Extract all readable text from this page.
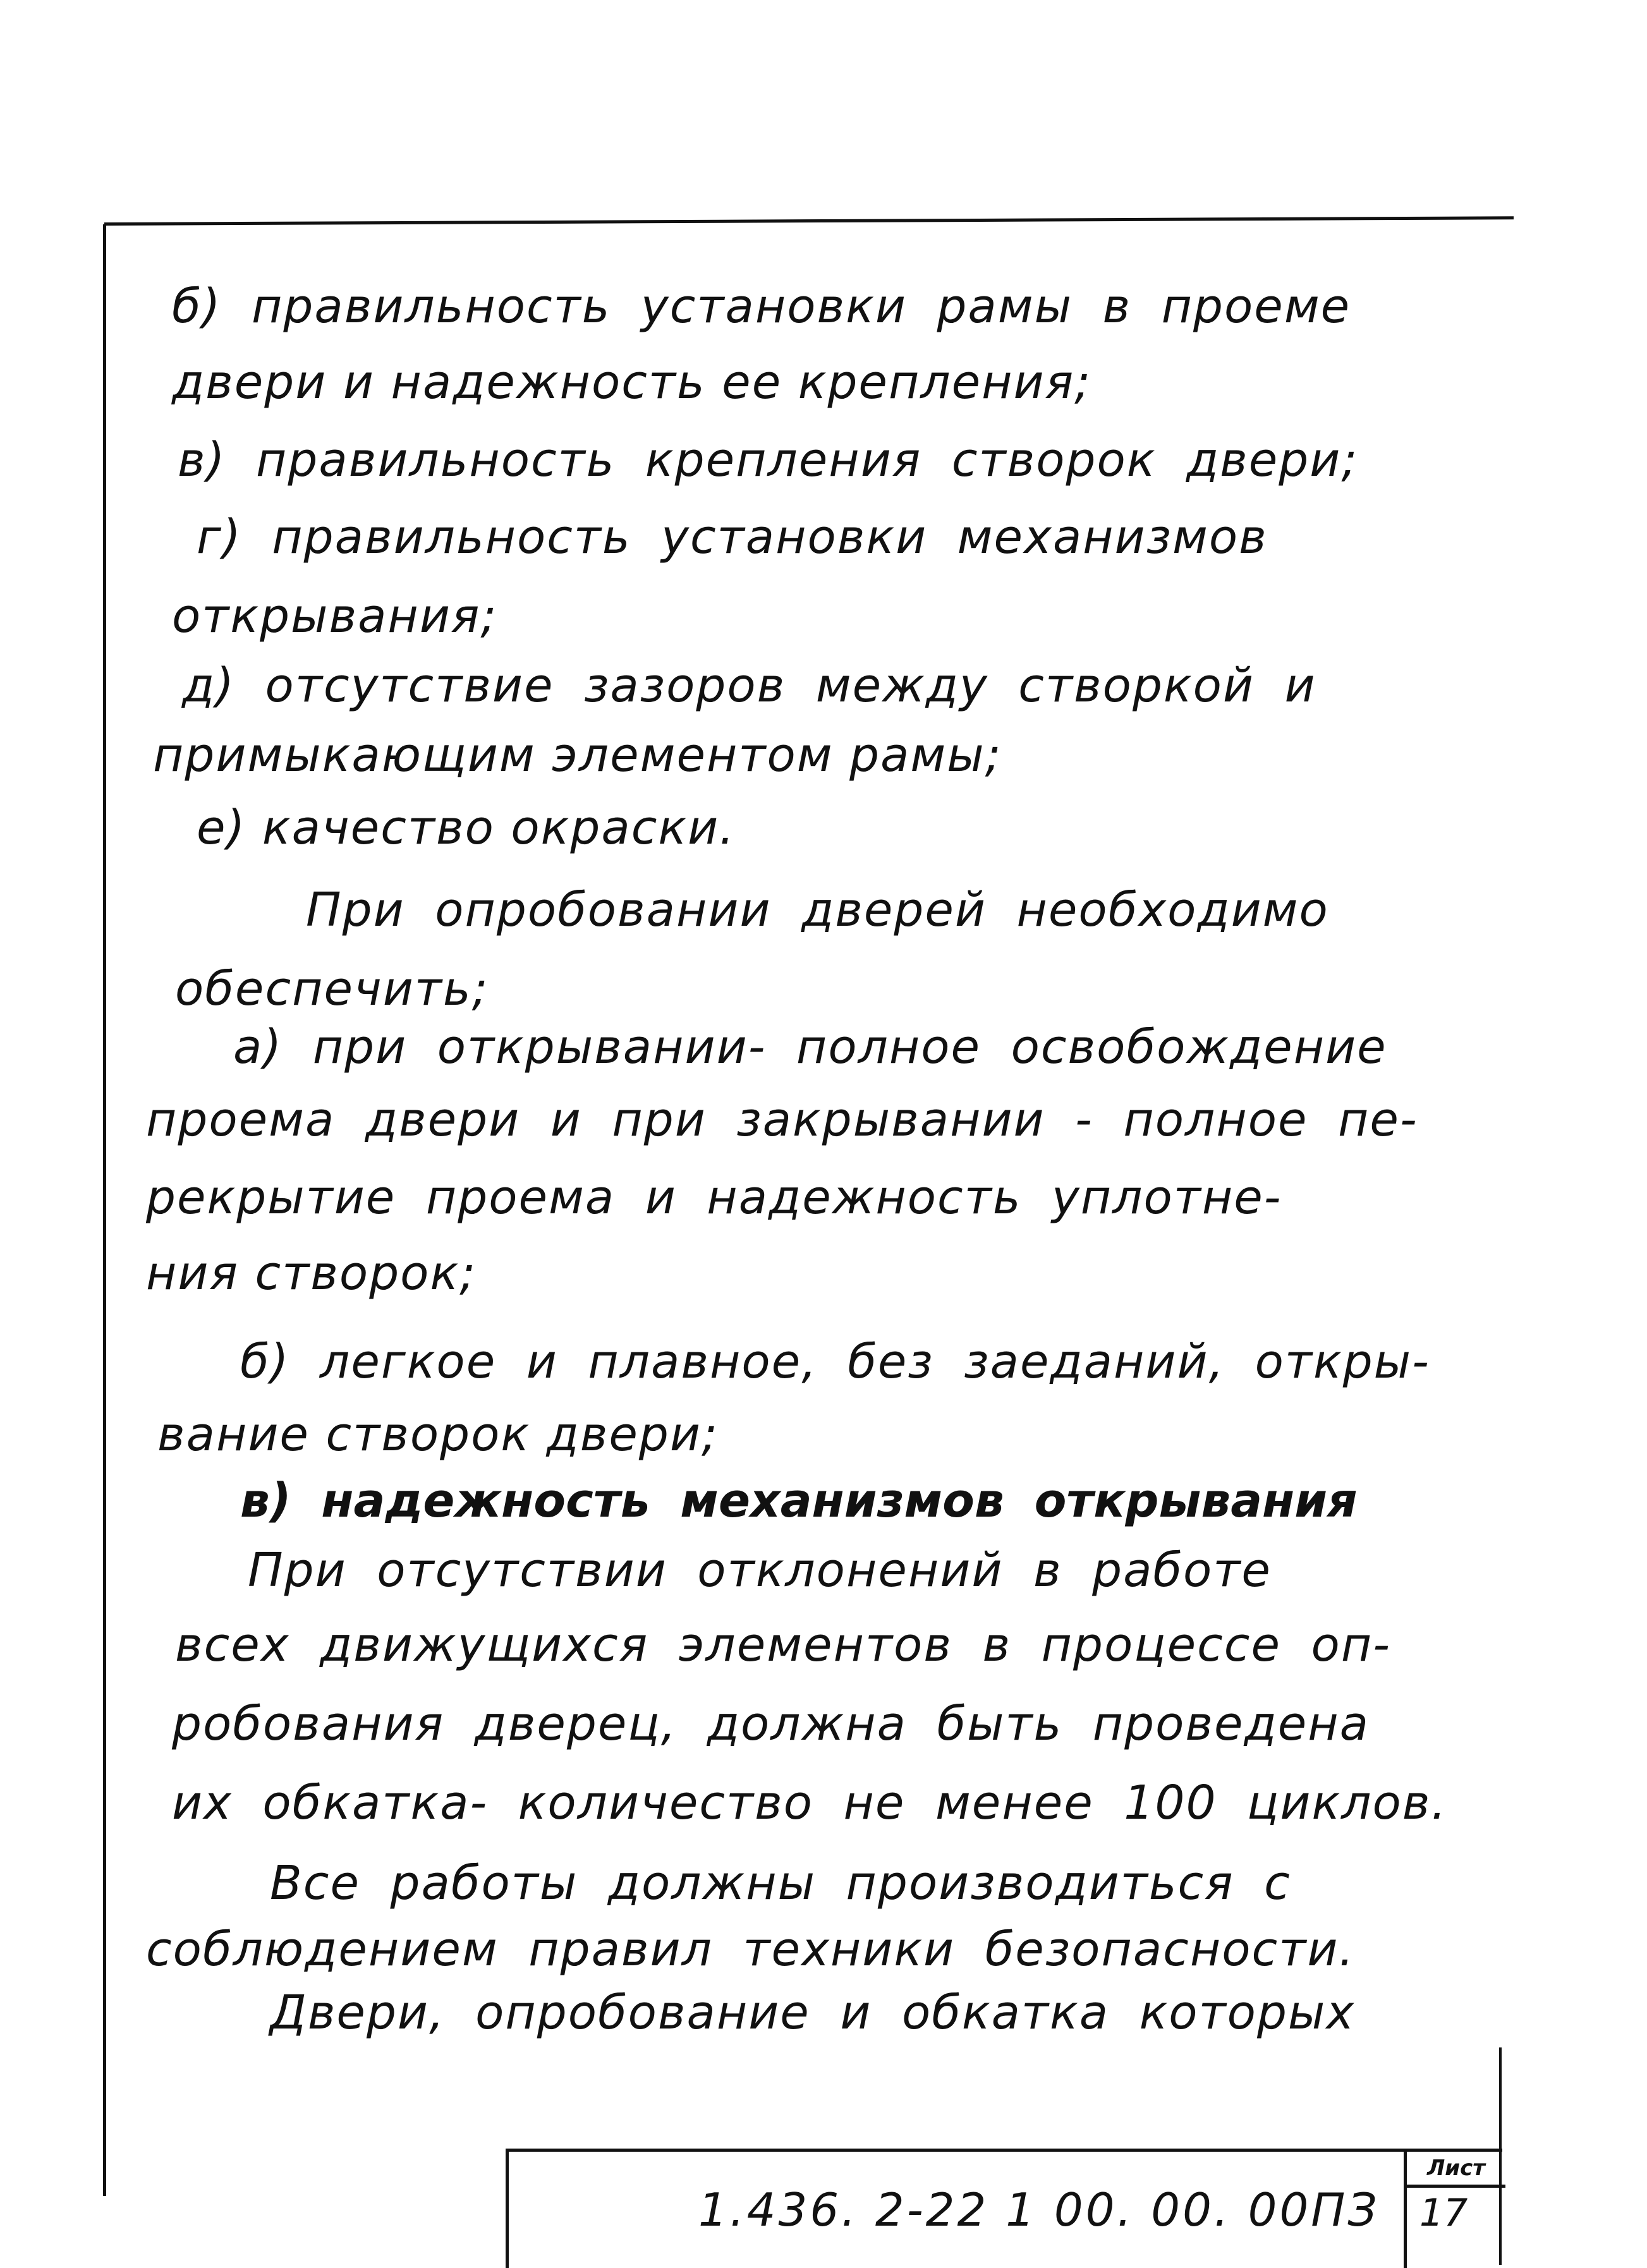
б) правильность установки рамы в проеме
двери и надежность ее крепления;
в) правильность крепления створок двери;
г) правильность установки механизмов
открывания;
д) отсутствие зазоров между створкой и
примыкающим элементом рамы;
е) качество окраски.
При опробовании дверей необходимо
обеспечить;
а) при открывании- полное освобождение
проема двери и при закрывании - полное пе-
рекрытие проема и надежность уплотне-
ния створок;
б) легкое и плавное, без заеданий, откры-
вание створок двери;
в) надежность механизмов открывания
При отсутствии отклонений в работе
всех движущихся элементов в процессе оп-
робования дверец, должна быть проведена
их обкатка- количество не менее 100 циклов.
Все работы должны производиться с
соблюдением правил техники безопасности.
Двери, опробование и обкатка которых
1.436. 2-22 1 00. 00. 00ПЗ
Лист
17
